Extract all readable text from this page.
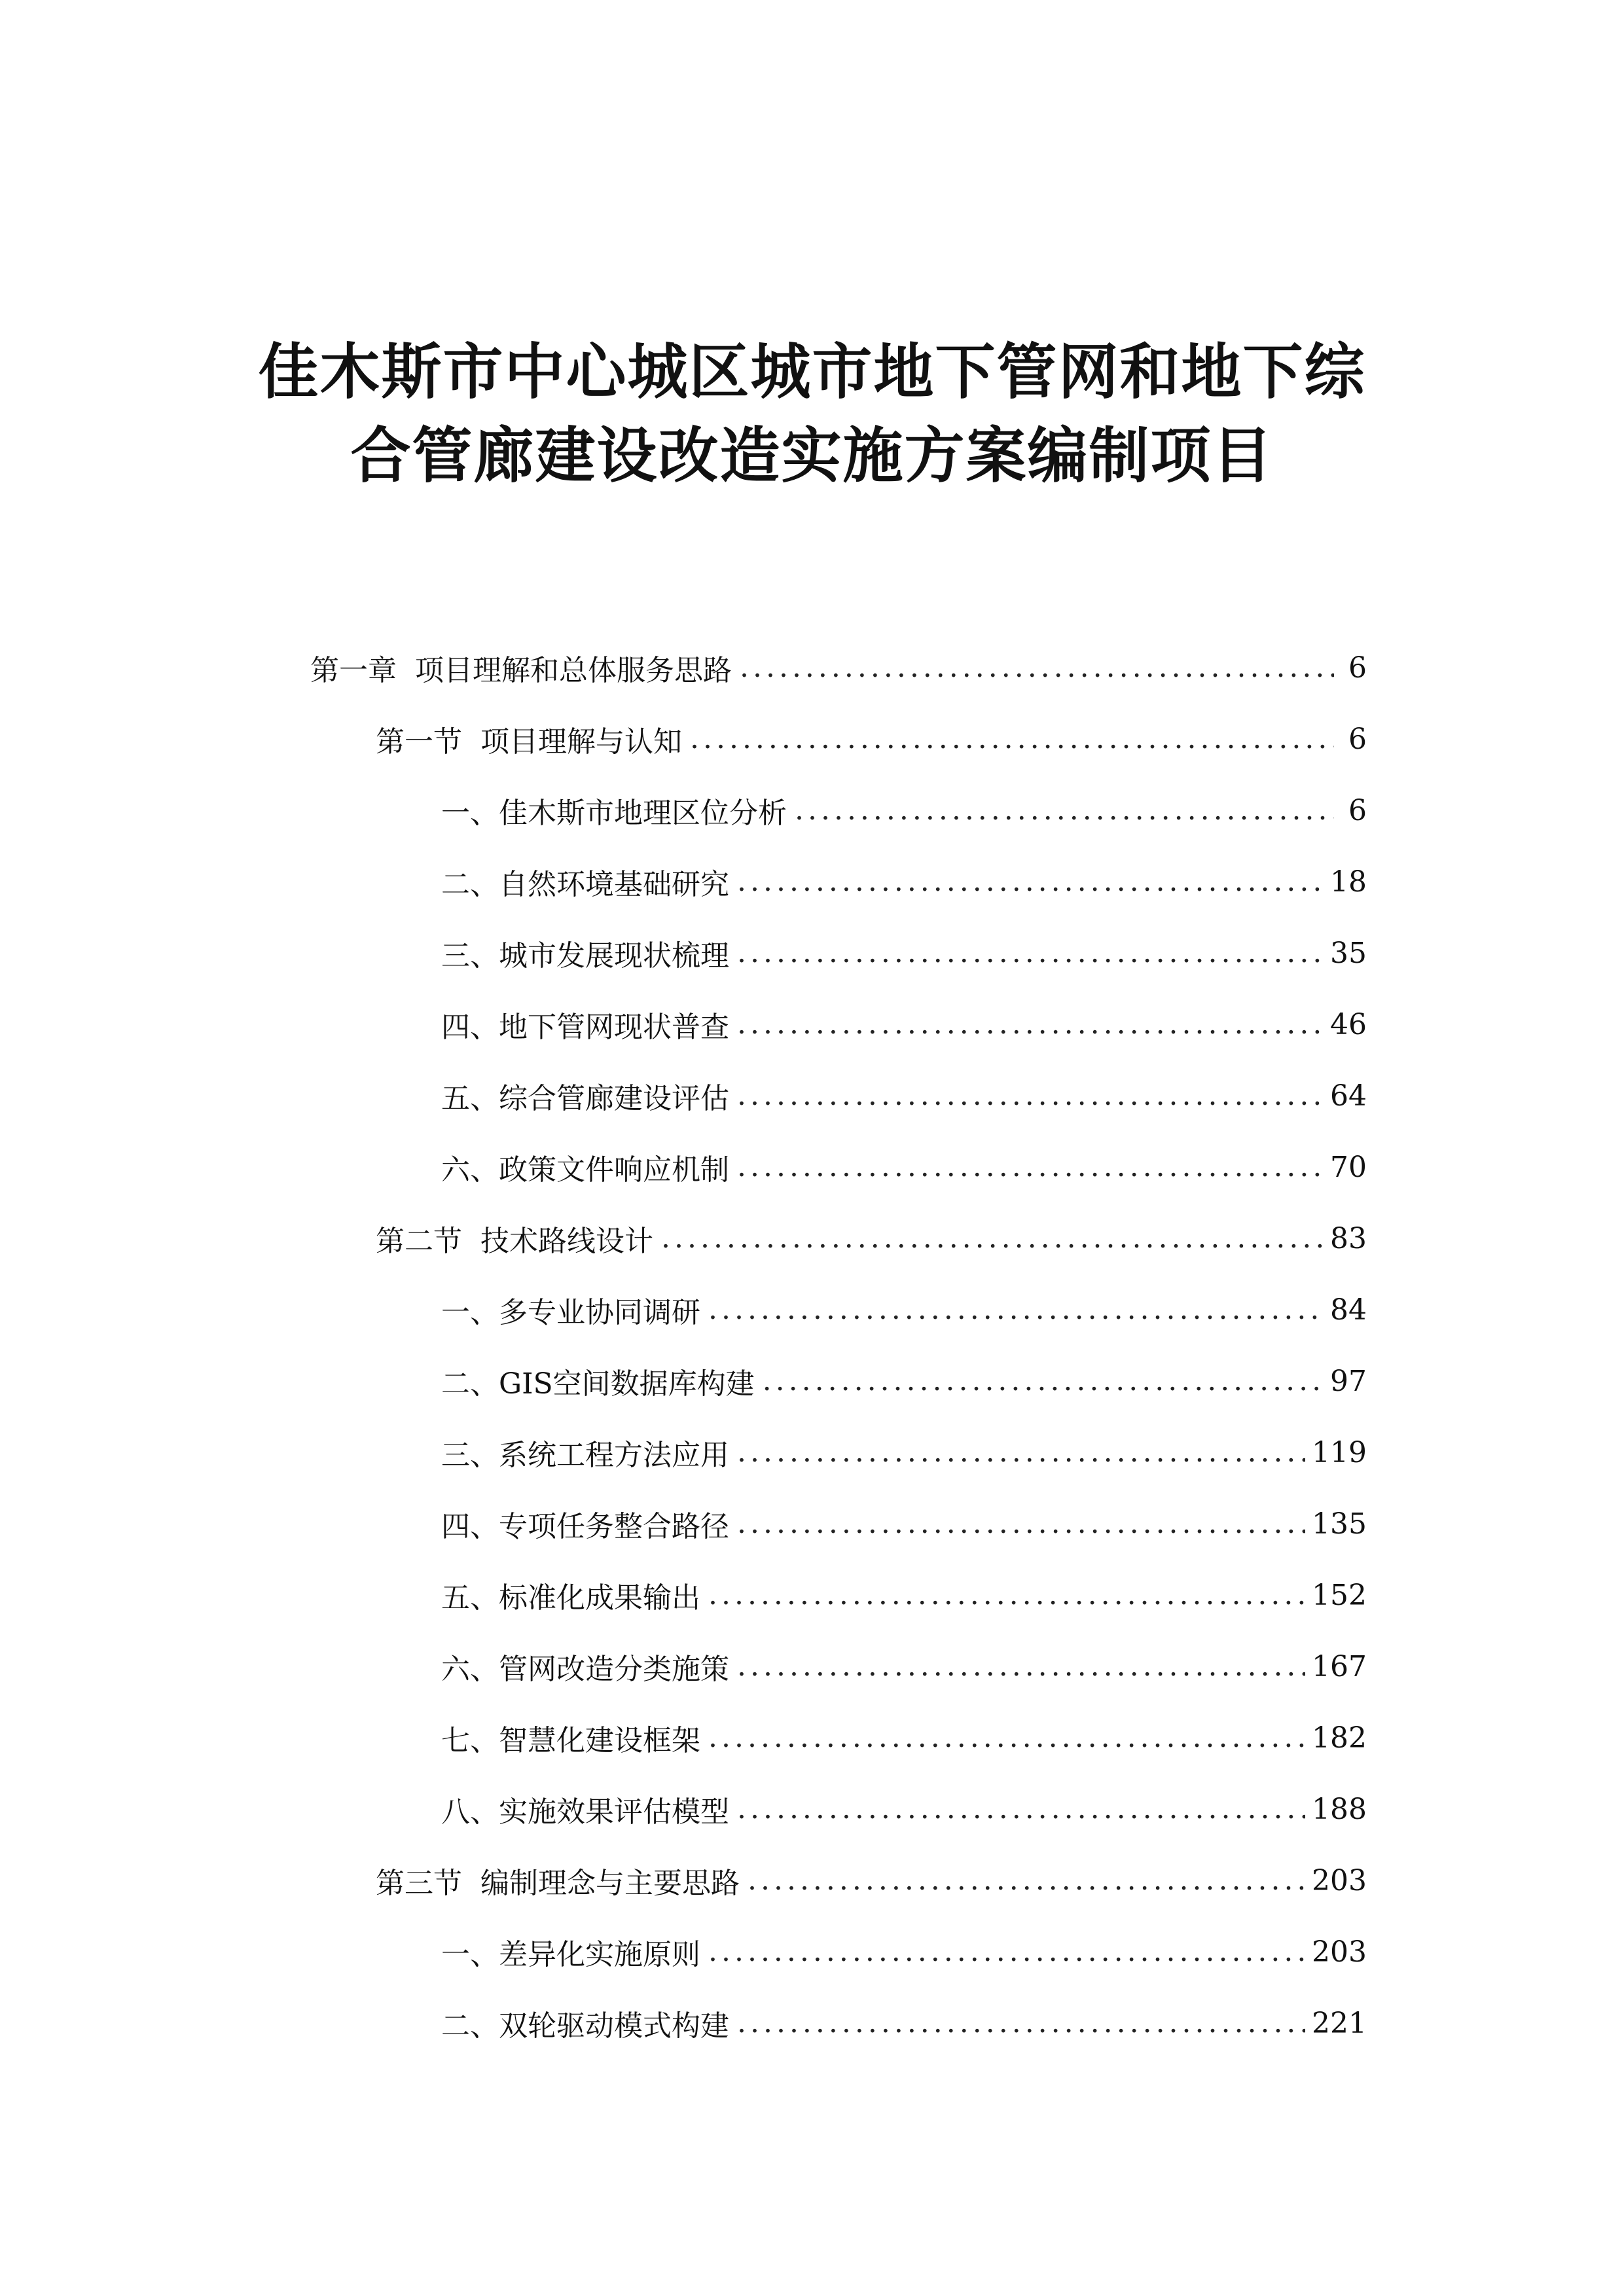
佳木斯市中心城区城市地下管网和地下综
合管廊建设改造实施方案编制项目
第一章 项目理解和总体服务思路 .....	6
第一节 项目理解与认知 .....	6
一、 佳木斯市地理区位分析 .....	6
二、 自然环境基础研究 .....	18
三、 城市发展现状梳理 .....	35
四、 地下管网现状普查 .....	46
五、 综合管廊建设评估 .....	64
六、 政策文件响应机制 .....	70
第二节 技术路线设计 .....	83
一、 多专业协同调研 .....	84
二、 GIS空间数据库构建 .....	97
三、 系统工程方法应用 .....	119
四、 专项任务整合路径 .....	135
五、 标准化成果输出 .....	152
六、 管网改造分类施策 .....	167
七、 智慧化建设框架 .....	182
八、 实施效果评估模型 .....	188
第三节 编制理念与主要思路 .....	203
一、 差异化实施原则 .....	203
二、 双轮驱动模式构建 .....	221
